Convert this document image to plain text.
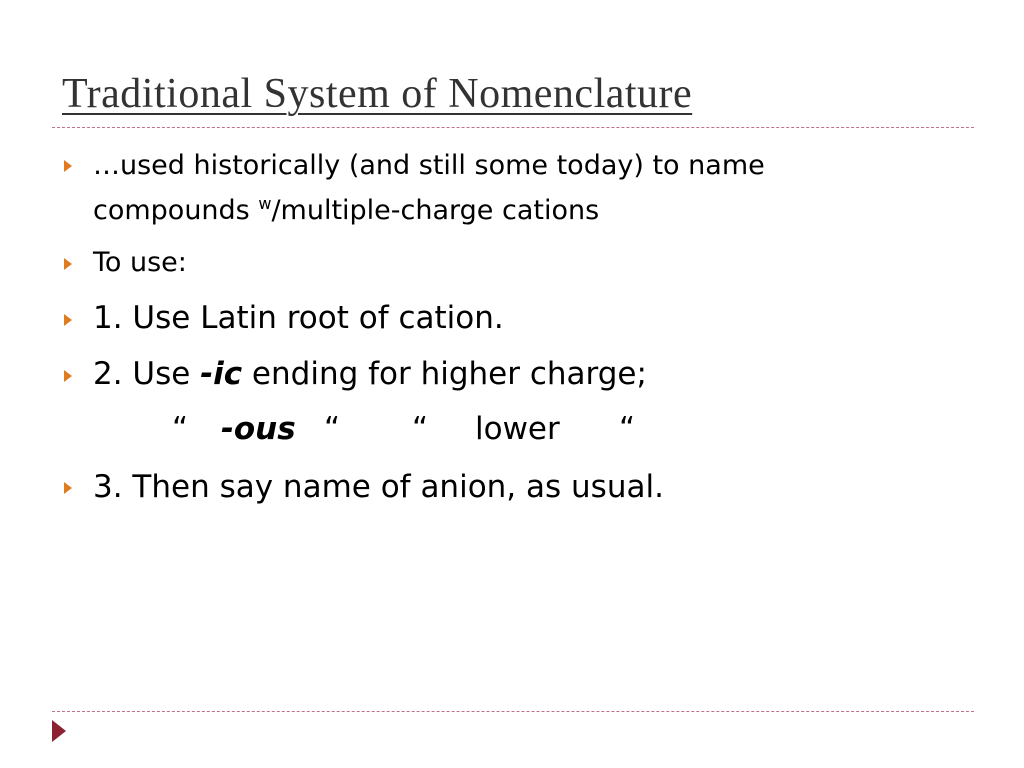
Traditional System of Nomenclature
…used historically (and still some today) to name
compounds $^w$/multiple-charge cations
To use:
1. Use Latin root of cation.
2. Use -ic ending for higher charge;
“ -ous “ “ lower “
3. Then say name of anion, as usual.
